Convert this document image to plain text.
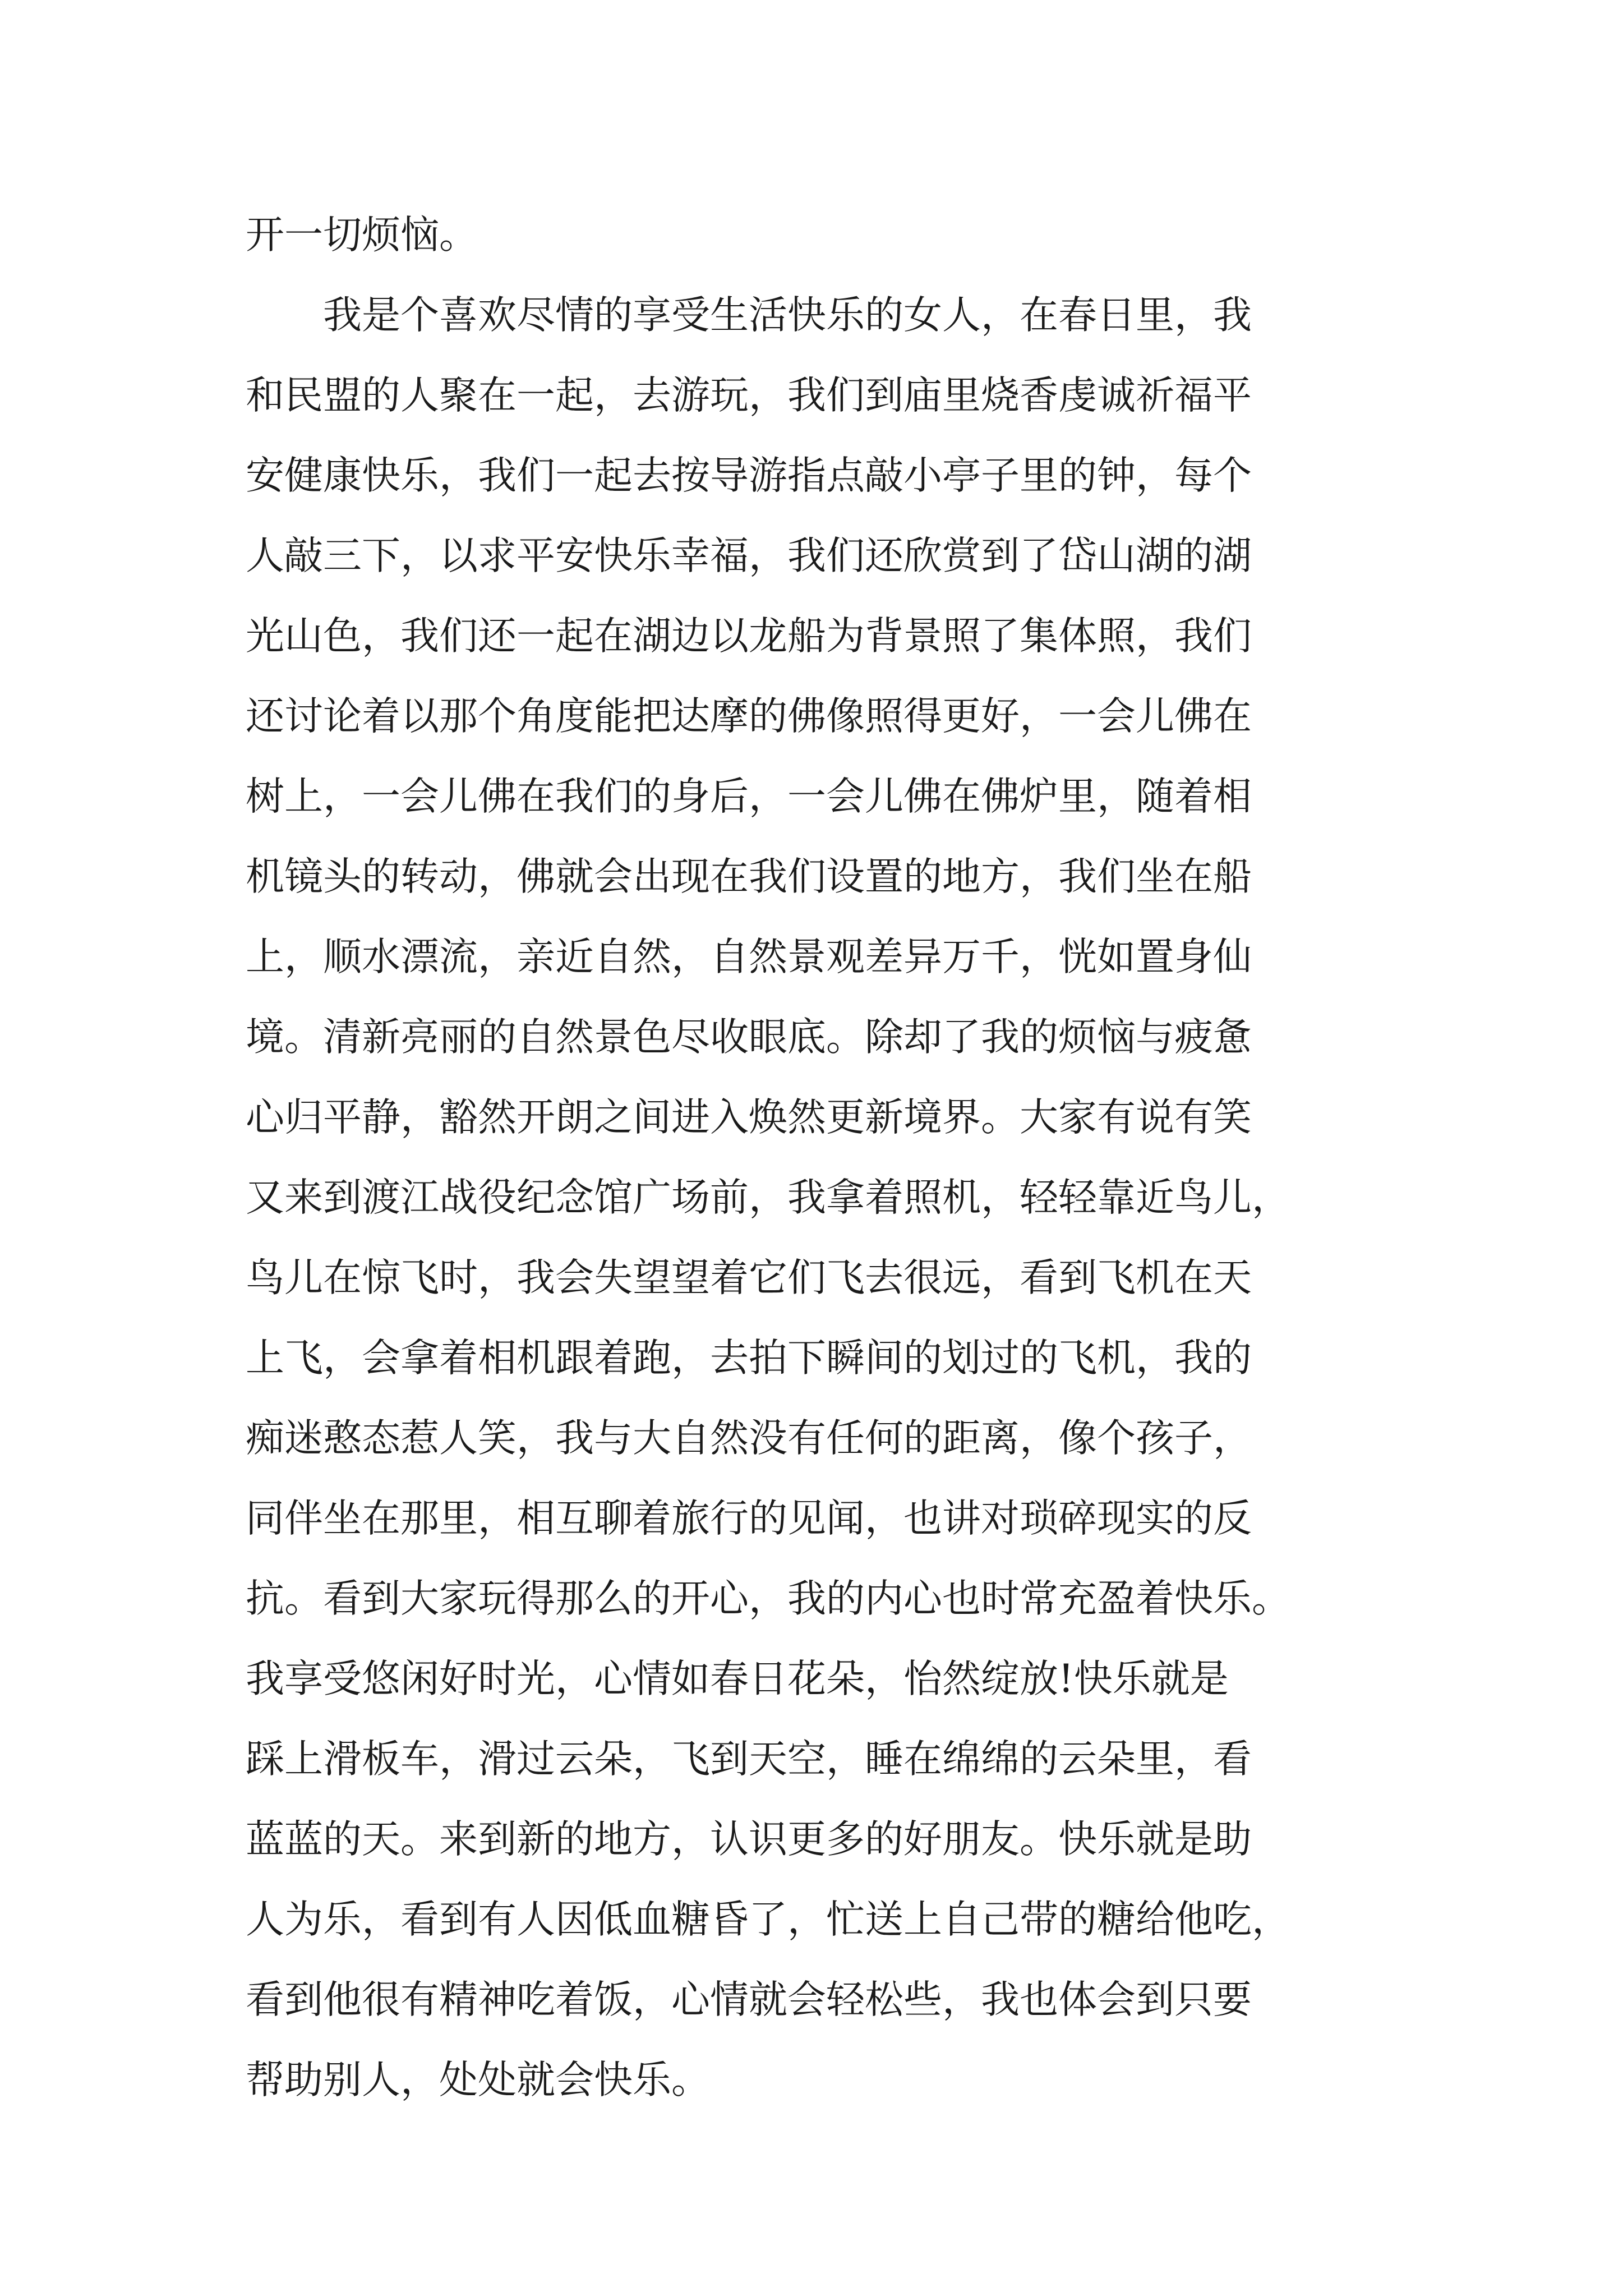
开一切烦恼。
我是个喜欢尽情的享受生活快乐的女人，在春日里，我
和民盟的人聚在一起，去游玩，我们到庙里烧香虔诚祈福平
安健康快乐，我们一起去按导游指点敲小亭子里的钟，每个
人敲三下，以求平安快乐幸福，我们还欣赏到了岱山湖的湖
光山色，我们还一起在湖边以龙船为背景照了集体照，我们
还讨论着以那个角度能把达摩的佛像照得更好，一会儿佛在
树上，一会儿佛在我们的身后，一会儿佛在佛炉里，随着相
机镜头的转动，佛就会出现在我们设置的地方，我们坐在船
上，顺水漂流，亲近自然，自然景观差异万千，恍如置身仙
境。清新亮丽的自然景色尽收眼底。除却了我的烦恼与疲惫
心归平静，豁然开朗之间进入焕然更新境界。大家有说有笑
又来到渡江战役纪念馆广场前，我拿着照机，轻轻靠近鸟儿，
鸟儿在惊飞时，我会失望望着它们飞去很远，看到飞机在天
上飞，会拿着相机跟着跑，去拍下瞬间的划过的飞机，我的
痴迷憨态惹人笑，我与大自然没有任何的距离，像个孩子，
同伴坐在那里，相互聊着旅行的见闻，也讲对琐碎现实的反
抗。看到大家玩得那么的开心，我的内心也时常充盈着快乐。
我享受悠闲好时光，心情如春日花朵，怡然绽放!快乐就是
踩上滑板车，滑过云朵，飞到天空，睡在绵绵的云朵里，看
蓝蓝的天。来到新的地方，认识更多的好朋友。快乐就是助
人为乐，看到有人因低血糖昏了，忙送上自己带的糖给他吃，
看到他很有精神吃着饭，心情就会轻松些，我也体会到只要
帮助别人，处处就会快乐。
